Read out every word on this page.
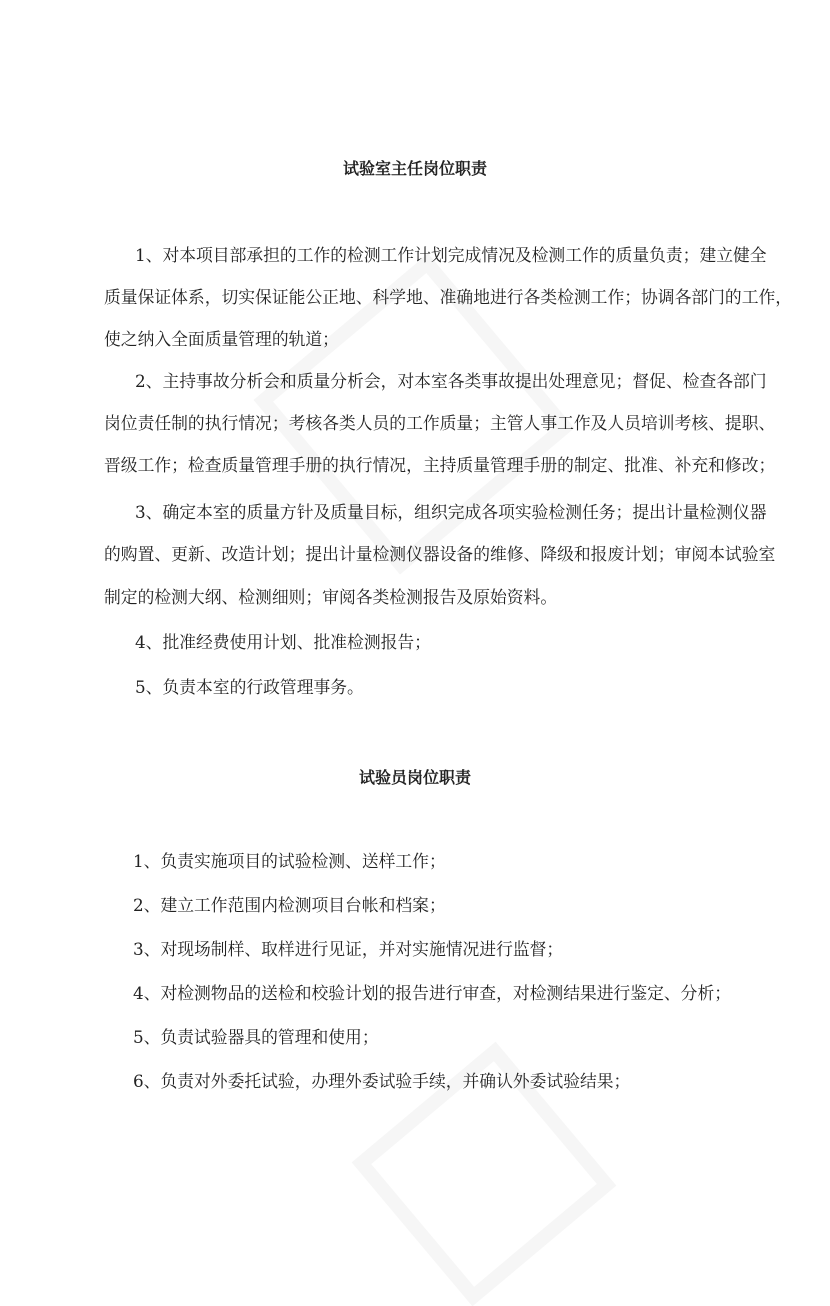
试验室主任岗位职责
1、对本项目部承担的工作的检测工作计划完成情况及检测工作的质量负责；建立健全
质量保证体系，切实保证能公正地、科学地、准确地进行各类检测工作；协调各部门的工作，
使之纳入全面质量管理的轨道；
2、主持事故分析会和质量分析会，对本室各类事故提出处理意见；督促、检查各部门
岗位责任制的执行情况；考核各类人员的工作质量；主管人事工作及人员培训考核、提职、
晋级工作；检查质量管理手册的执行情况，主持质量管理手册的制定、批准、补充和修改；
3、确定本室的质量方针及质量目标，组织完成各项实验检测任务；提出计量检测仪器
的购置、更新、改造计划；提出计量检测仪器设备的维修、降级和报废计划；审阅本试验室
制定的检测大纲、检测细则；审阅各类检测报告及原始资料。
4、批准经费使用计划、批准检测报告；
5、负责本室的行政管理事务。
试验员岗位职责
1、负责实施项目的试验检测、送样工作；
2、建立工作范围内检测项目台帐和档案；
3、对现场制样、取样进行见证，并对实施情况进行监督；
4、对检测物品的送检和校验计划的报告进行审查，对检测结果进行鉴定、分析；
5、负责试验器具的管理和使用；
6、负责对外委托试验，办理外委试验手续，并确认外委试验结果；
